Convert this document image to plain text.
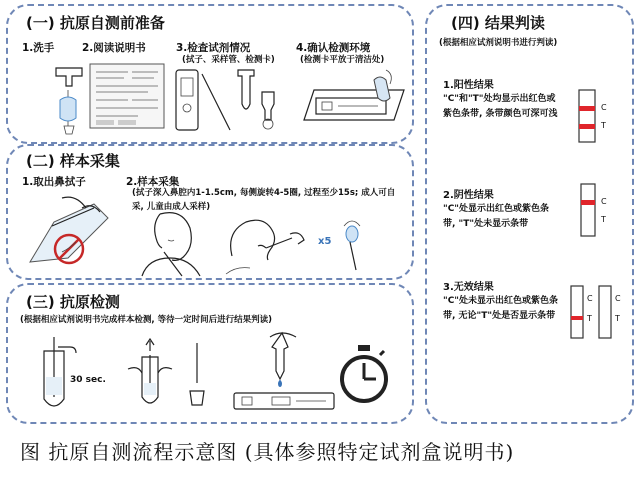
(一) 抗原自测前准备
1.洗手	2.阅读说明书	3.检查试剂情况
(拭子、采样管、检测卡)
4.确认检测环境
(检测卡平放于清洁处)
(二) 样本采集
1.取出鼻拭子	2.样本采集
(拭子深入鼻腔内1-1.5cm, 每侧旋转4-5圈, 过程至少15s; 成人可自采, 儿童由成人采样)
x5
(三) 抗原检测
(根据相应试剂说明书完成样本检测, 等待一定时间后进行结果判读)
30 sec.
(四) 结果判读
(根据相应试剂说明书进行判读)
1.阳性结果
"C"和"T"处均显示出红色或紫色条带, 条带颜色可深可浅
C
T
2.阴性结果
"C"处显示出红色或紫色条带, "T"处未显示条带
C
T
3.无效结果
"C"处未显示出红色或紫色条带, 无论"T"处是否显示条带
C
T
C
T
图 抗原自测流程示意图 (具体参照特定试剂盒说明书)
